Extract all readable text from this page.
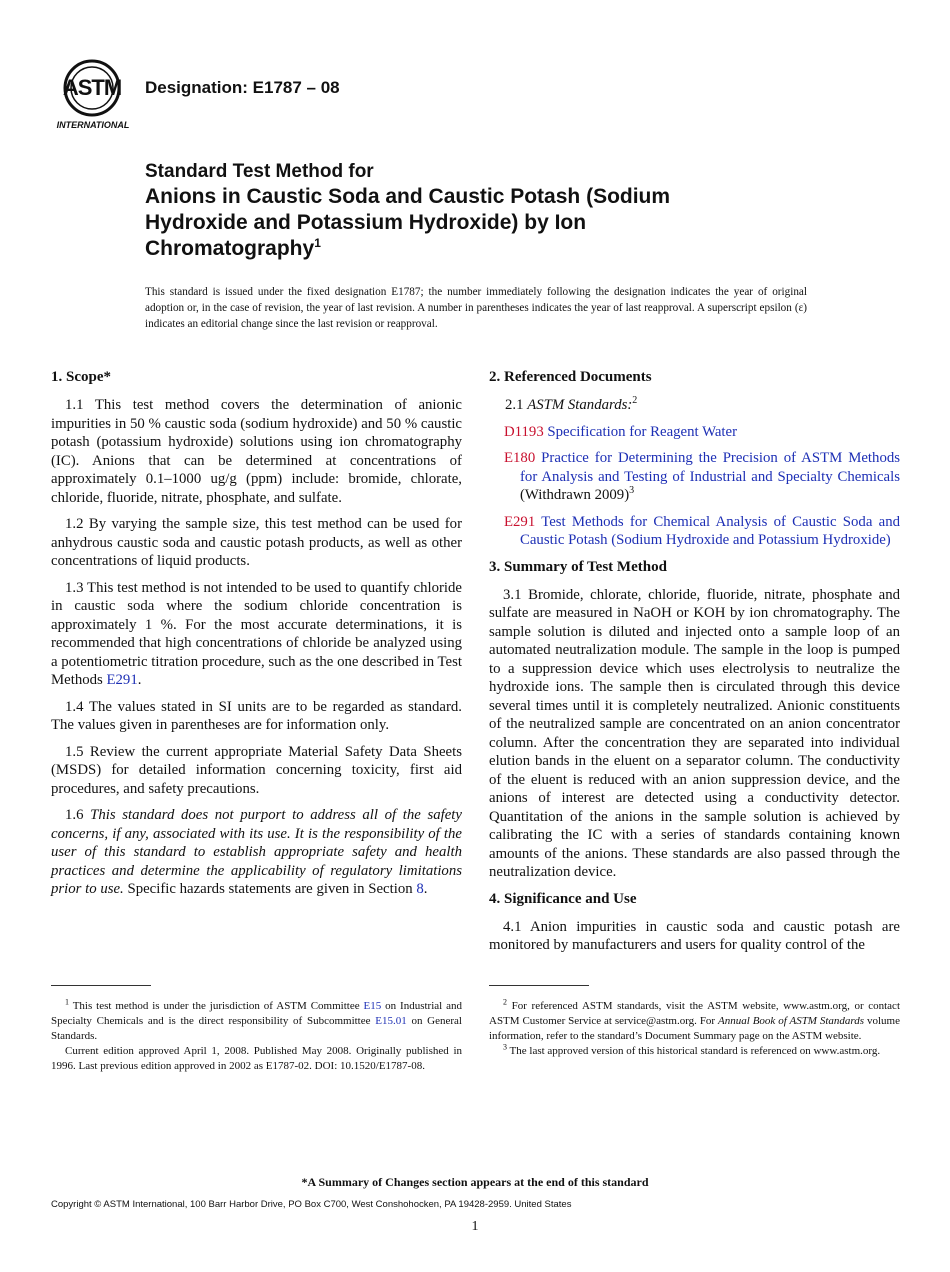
ASTM
INTERNATIONAL
Designation: E1787 – 08
Standard Test Method for
Anions in Caustic Soda and Caustic Potash (Sodium
Hydroxide and Potassium Hydroxide) by Ion
Chromatography$^1$
This standard is issued under the fixed designation E1787; the number immediately following the designation indicates the year of original adoption or, in the case of revision, the year of last revision. A number in parentheses indicates the year of last reapproval. A superscript epsilon (ε) indicates an editorial change since the last revision or reapproval.
1. Scope*

1.1 This test method covers the determination of anionic impurities in 50 % caustic soda (sodium hydroxide) and 50 % caustic potash (potassium hydroxide) solutions using ion chromatography (IC). Anions that can be determined at concentrations of approximately 0.1–1000 ug/g (ppm) include: bromide, chlorate, chloride, fluoride, nitrate, phosphate, and sulfate.

1.2 By varying the sample size, this test method can be used for anhydrous caustic soda and caustic potash products, as well as other concentrations of liquid products.

1.3 This test method is not intended to be used to quantify chloride in caustic soda where the sodium chloride concentration is approximately 1 %. For the most accurate determinations, it is recommended that high concentrations of chloride be analyzed using a potentiometric titration procedure, such as the one described in Test Methods E291.

1.4 The values stated in SI units are to be regarded as standard. The values given in parentheses are for information only.

1.5 Review the current appropriate Material Safety Data Sheets (MSDS) for detailed information concerning toxicity, first aid procedures, and safety precautions.

1.6 This standard does not purport to address all of the safety concerns, if any, associated with its use. It is the responsibility of the user of this standard to establish appropriate safety and health practices and determine the applicability of regulatory limitations prior to use. Specific hazards statements are given in Section 8.

2. Referenced Documents

2.1 ASTM Standards:$^2$

D1193 Specification for Reagent Water

E180 Practice for Determining the Precision of ASTM Methods for Analysis and Testing of Industrial and Specialty Chemicals (Withdrawn 2009)$^3$

E291 Test Methods for Chemical Analysis of Caustic Soda and Caustic Potash (Sodium Hydroxide and Potassium Hydroxide)

3. Summary of Test Method

3.1 Bromide, chlorate, chloride, fluoride, nitrate, phosphate and sulfate are measured in NaOH or KOH by ion chromatography. The sample solution is diluted and injected onto a sample loop of an automated neutralization module. The sample in the loop is pumped to a suppression device which uses electrolysis to neutralize the hydroxide ions. The sample then is circulated through this device several times until it is completely neutralized. Anionic constituents of the neutralized sample are concentrated on an anion concentrator column. After the concentration they are separated into individual elution bands in the eluent on a separator column. The conductivity of the eluent is reduced with an anion suppression device, and the anions of interest are detected using a conductivity detector. Quantitation of the anions in the sample solution is achieved by calibrating the IC with a series of standards containing known amounts of the anions. These standards are also passed through the neutralization device.

4. Significance and Use

4.1 Anion impurities in caustic soda and caustic potash are monitored by manufacturers and users for quality control of the

$^1$ This test method is under the jurisdiction of ASTM Committee E15 on Industrial and Specialty Chemicals and is the direct responsibility of Subcommittee E15.01 on General Standards.

Current edition approved April 1, 2008. Published May 2008. Originally published in 1996. Last previous edition approved in 2002 as E1787-02. DOI: 10.1520/E1787-08.

$^2$ For referenced ASTM standards, visit the ASTM website, www.astm.org, or contact ASTM Customer Service at service@astm.org. For Annual Book of ASTM Standards volume information, refer to the standard’s Document Summary page on the ASTM website.

$^3$ The last approved version of this historical standard is referenced on www.astm.org.

*A Summary of Changes section appears at the end of this standard
Copyright © ASTM International, 100 Barr Harbor Drive, PO Box C700, West Conshohocken, PA 19428-2959. United States
1
